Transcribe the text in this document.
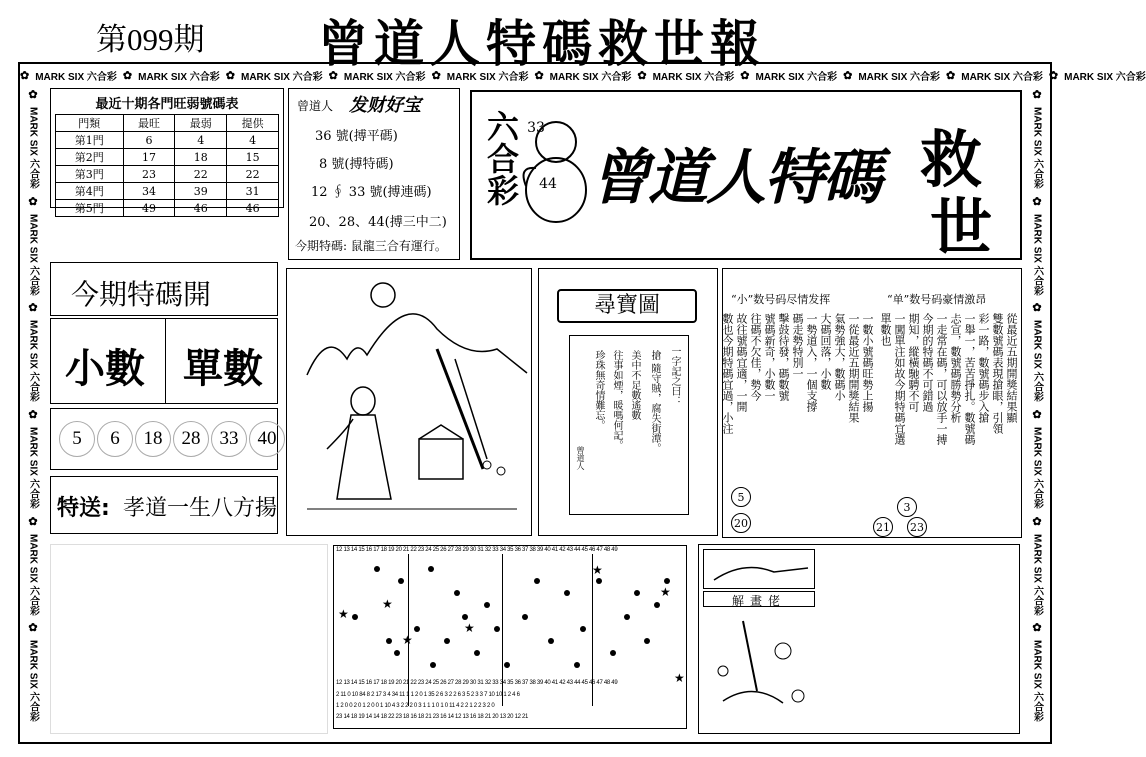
第099期 曾道人特碼救世報
✿ MARK SIX 六合彩 ✿ MARK SIX 六合彩 ✿ MARK SIX 六合彩 ✿ MARK SIX 六合彩 ✿ MARK SIX 六合彩 ✿ MARK SIX 六合彩 ✿ MARK SIX 六合彩 ✿ MARK SIX 六合彩 ✿ MARK SIX 六合彩 ✿ MARK SIX 六合彩 ✿ MARK SIX 六合彩
✿
MARK SIX 六合彩
✿
MARK SIX 六合彩
✿
MARK SIX 六合彩
✿
MARK SIX 六合彩
✿
MARK SIX 六合彩
✿
MARK SIX 六合彩
✿
MARK SIX 六合彩
✿
MARK SIX 六合彩
✿
MARK SIX 六合彩
✿
MARK SIX 六合彩
✿
MARK SIX 六合彩
✿
MARK SIX 六合彩
最近十期各門旺弱號碼表
門類	最旺	最弱	提供
第1門	6	4	4
第2門	17	18	15
第3門	23	22	22
第4門	34	39	31
第5門	49	46	46
曾道人 发财好宝
36 號(搏平碼)
8 號(搏特碼)
12 ∮ 33 號(搏連碼)
20、28、44(搏三中二)
今期特碼: 鼠龍三合有運行。
六合彩 33
44 曾道人特碼 救
世
今期特碼開
小數 單數
5	6	18	28	33	40
特送: 孝道一生八方揚
尋寶圖
一字記之曰：
搶 隨守賊，腐失街潭。
美中不足數遙數
往事如煙，暖嗎何記。
珍珠無奇情難忘。
曾道人
“小”数号码尽情发挥	“单”数号码豪情激昂
一數小號碼旺勢上揚
一從最近五期開獎結果
氣勢強大，數碼小
大碼回落，小數
一勢道入，一個支撐
碼走勢特別一
擊鼓待發，碼數號
號碼新奇，小數一
往碼不欠佳，勢今
故往號碼宜適，一開
數也今期特碼宜過，小注	從最近五期開獎結果顯
雙數號碼表現搶眼，引領
彩一路，數號碼步入搶
一舉一，苦苦掙扎。數號碼
忐宣，數號碼勝勢分析
一走常在碼，可以放手一搏
今期的特碼不可錯過
期知，縱橫馳騁不可
一闖單注如故今期特碼宜選
單數也
5
20
3
21 23
12 13 14 15 16 17 18 19 20 21 22 23 24 25 26 27 28 29 30 31 32 33 34 35 36 37 38 39 40 41 42 43 44 45 46 47 48 49
12 13 14 15 16 17 18 19 20 21 22 23 24 25 26 27 28 29 30 31 32 33 34 35 36 37 38 39 40 41 42 43 44 45 46 47 48 49
2 11 0 10 84 8 2 17 3 4 34 11 1 1 2 0 1 35 2 6 3 2 2 6 3 5 2 3 3 7 10 10 1 2 4 6
1 2 0 0 2 0 1 2 0 0 1 10 4 3 2 2 2 0 3 1 1 1 0 1 0 11 4 2 2 1 2 2 3 2 0
23 14 18 19 14 14 18 22 23 18 16 18 21 23 16 14 12 13 16 18 21 20 13 20 12 21
★
★
★
★
★
★
★
解畫佬
